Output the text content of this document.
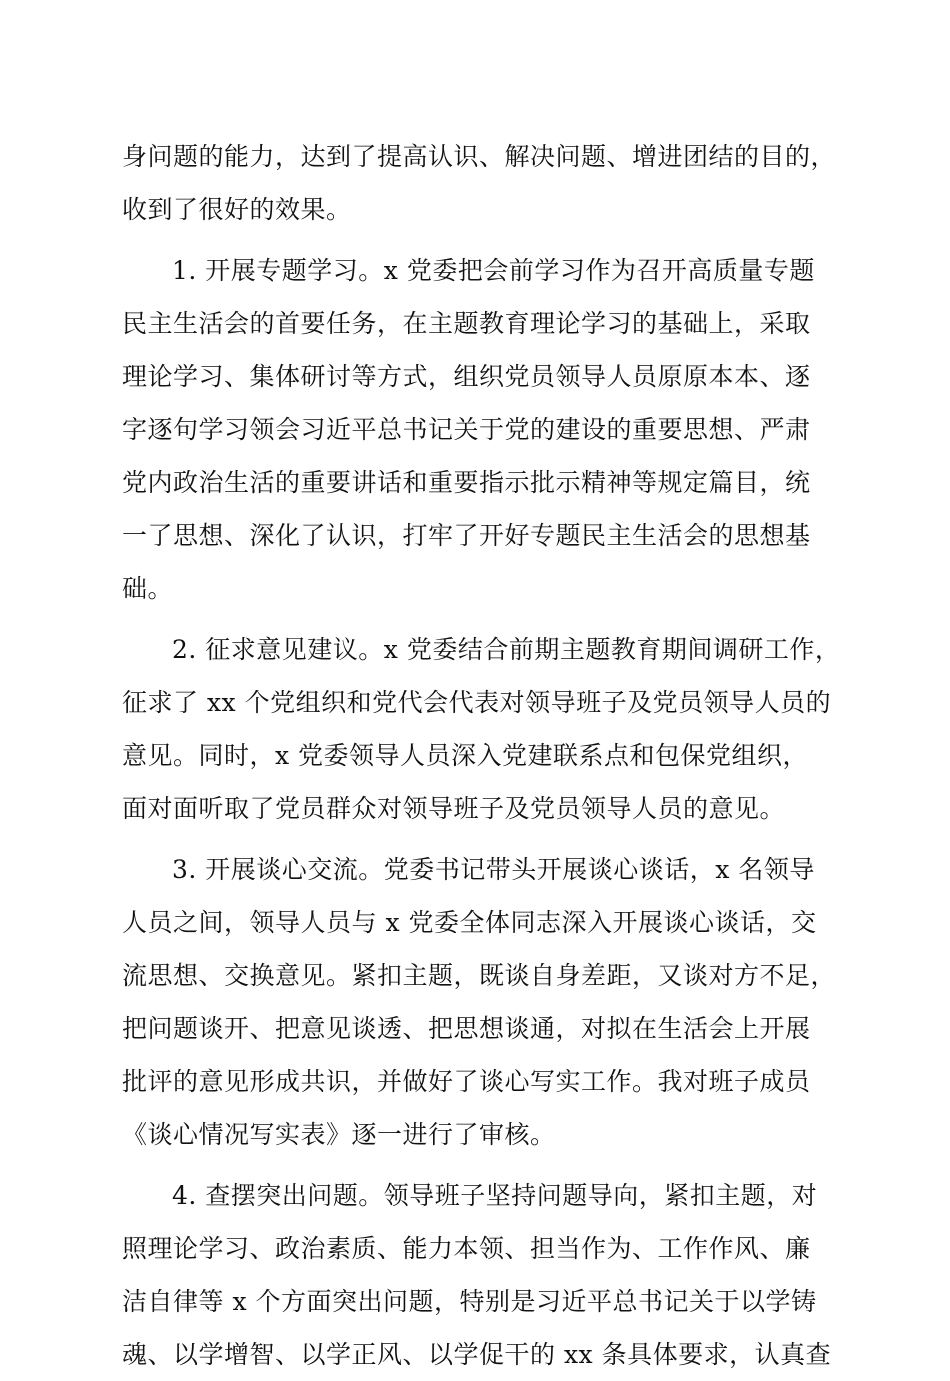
身问题的能力，达到了提高认识、解决问题、增进团结的目的，
收到了很好的效果。
1. 开展专题学习。x 党委把会前学习作为召开高质量专题
民主生活会的首要任务，在主题教育理论学习的基础上，采取
理论学习、集体研讨等方式，组织党员领导人员原原本本、逐
字逐句学习领会习近平总书记关于党的建设的重要思想、严肃
党内政治生活的重要讲话和重要指示批示精神等规定篇目，统
一了思想、深化了认识，打牢了开好专题民主生活会的思想基
础。
2. 征求意见建议。x 党委结合前期主题教育期间调研工作，
征求了 xx 个党组织和党代会代表对领导班子及党员领导人员的
意见。同时，x 党委领导人员深入党建联系点和包保党组织，
面对面听取了党员群众对领导班子及党员领导人员的意见。
3. 开展谈心交流。党委书记带头开展谈心谈话，x 名领导
人员之间，领导人员与 x 党委全体同志深入开展谈心谈话，交
流思想、交换意见。紧扣主题，既谈自身差距，又谈对方不足，
把问题谈开、把意见谈透、把思想谈通，对拟在生活会上开展
批评的意见形成共识，并做好了谈心写实工作。我对班子成员
《谈心情况写实表》逐一进行了审核。
4. 查摆突出问题。领导班子坚持问题导向，紧扣主题，对
照理论学习、政治素质、能力本领、担当作为、工作作风、廉
洁自律等 x 个方面突出问题，特别是习近平总书记关于以学铸
魂、以学增智、以学正风、以学促干的 xx 条具体要求，认真查
